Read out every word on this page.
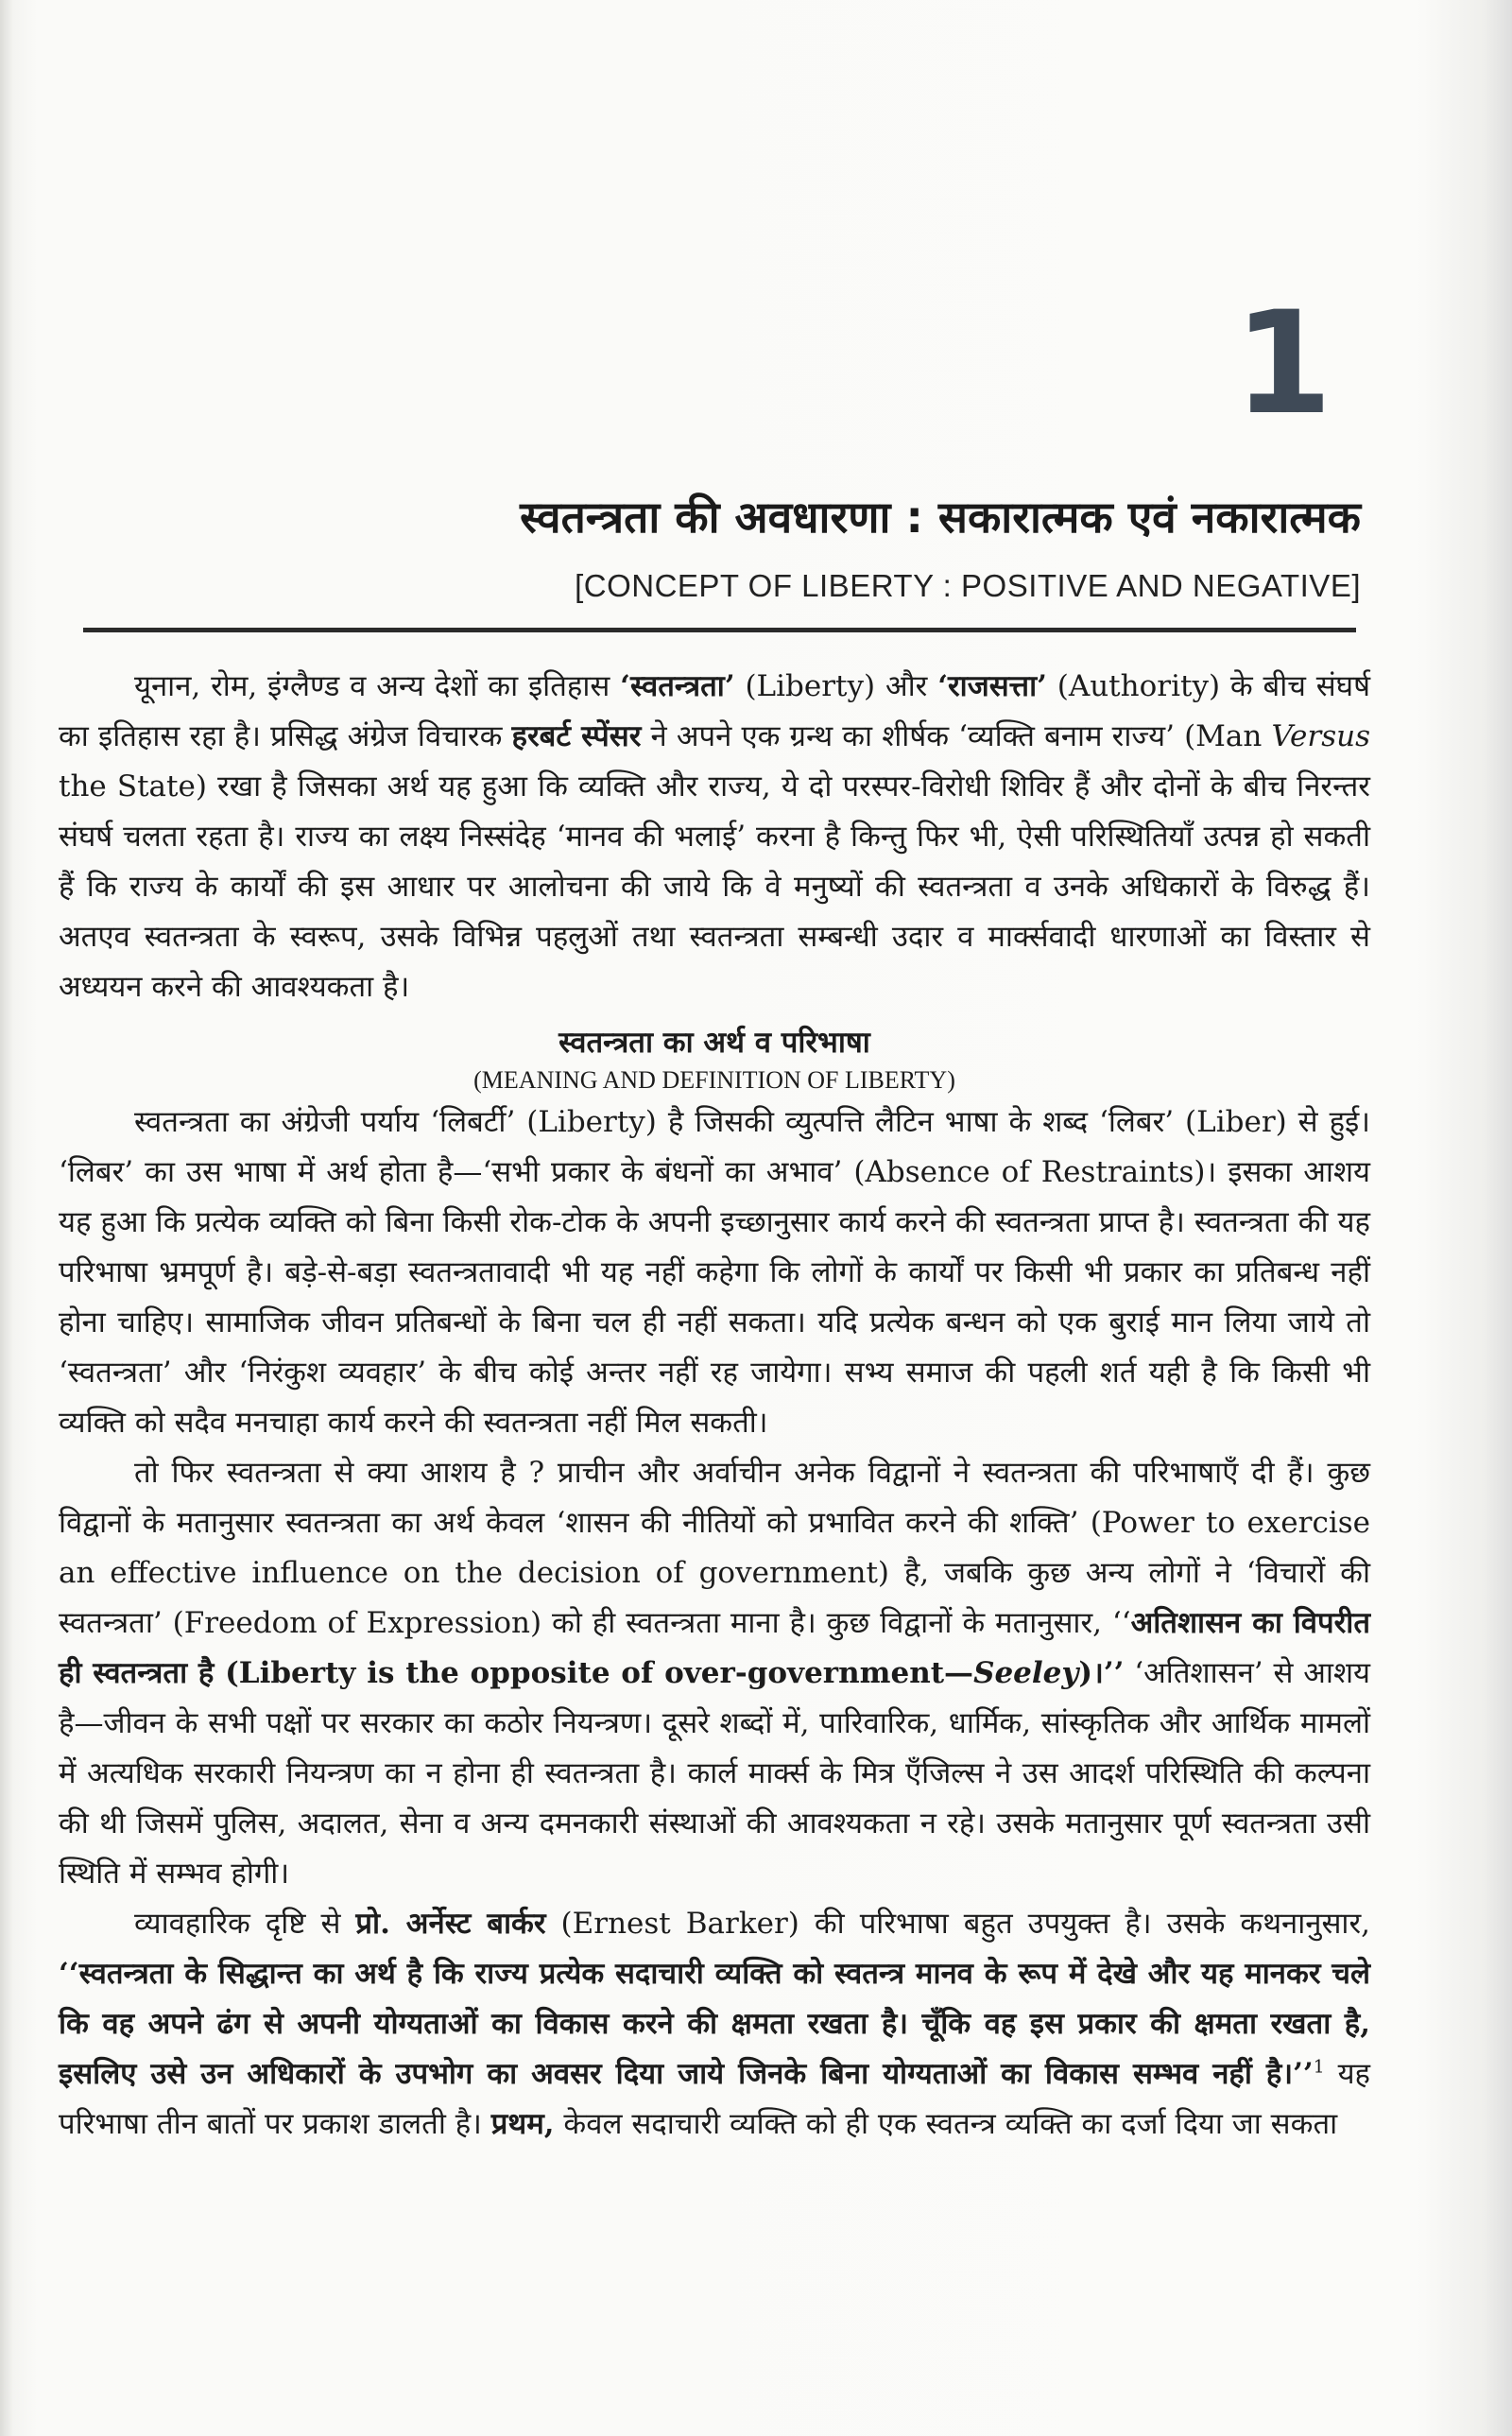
1
स्वतन्त्रता की अवधारणा : सकारात्मक एवं नकारात्मक
[CONCEPT OF LIBERTY : POSITIVE AND NEGATIVE]

यूनान, रोम, इंग्लैण्ड व अन्य देशों का इतिहास ‘स्वतन्त्रता’ (Liberty) और ‘राजसत्ता’ (Authority) के बीच संघर्ष का इतिहास रहा है। प्रसिद्ध अंग्रेज विचारक हरबर्ट स्पेंसर ने अपने एक ग्रन्थ का शीर्षक ‘व्यक्ति बनाम राज्य’ (Man Versus the State) रखा है जिसका अर्थ यह हुआ कि व्यक्ति और राज्य, ये दो परस्पर-विरोधी शिविर हैं और दोनों के बीच निरन्तर संघर्ष चलता रहता है। राज्य का लक्ष्य निस्संदेह ‘मानव की भलाई’ करना है किन्तु फिर भी, ऐसी परिस्थितियाँ उत्पन्न हो सकती हैं कि राज्य के कार्यों की इस आधार पर आलोचना की जाये कि वे मनुष्यों की स्वतन्त्रता व उनके अधिकारों के विरुद्ध हैं। अतएव स्वतन्त्रता के स्वरूप, उसके विभिन्न पहलुओं तथा स्वतन्त्रता सम्बन्धी उदार व मार्क्सवादी धारणाओं का विस्तार से अध्ययन करने की आवश्यकता है।

स्वतन्त्रता का अर्थ व परिभाषा
(MEANING AND DEFINITION OF LIBERTY)

स्वतन्त्रता का अंग्रेजी पर्याय ‘लिबर्टी’ (Liberty) है जिसकी व्युत्पत्ति लैटिन भाषा के शब्द ‘लिबर’ (Liber) से हुई। ‘लिबर’ का उस भाषा में अर्थ होता है—‘सभी प्रकार के बंधनों का अभाव’ (Absence of Restraints)। इसका आशय यह हुआ कि प्रत्येक व्यक्ति को बिना किसी रोक-टोक के अपनी इच्छानुसार कार्य करने की स्वतन्त्रता प्राप्त है। स्वतन्त्रता की यह परिभाषा भ्रमपूर्ण है। बड़े-से-बड़ा स्वतन्त्रतावादी भी यह नहीं कहेगा कि लोगों के कार्यों पर किसी भी प्रकार का प्रतिबन्ध नहीं होना चाहिए। सामाजिक जीवन प्रतिबन्धों के बिना चल ही नहीं सकता। यदि प्रत्येक बन्धन को एक बुराई मान लिया जाये तो ‘स्वतन्त्रता’ और ‘निरंकुश व्यवहार’ के बीच कोई अन्तर नहीं रह जायेगा। सभ्य समाज की पहली शर्त यही है कि किसी भी व्यक्ति को सदैव मनचाहा कार्य करने की स्वतन्त्रता नहीं मिल सकती।

तो फिर स्वतन्त्रता से क्या आशय है ? प्राचीन और अर्वाचीन अनेक विद्वानों ने स्वतन्त्रता की परिभाषाएँ दी हैं। कुछ विद्वानों के मतानुसार स्वतन्त्रता का अर्थ केवल ‘शासन की नीतियों को प्रभावित करने की शक्ति’ (Power to exercise an effective influence on the decision of government) है, जबकि कुछ अन्य लोगों ने ‘विचारों की स्वतन्त्रता’ (Freedom of Expression) को ही स्वतन्त्रता माना है। कुछ विद्वानों के मतानुसार, ‘‘अतिशासन का विपरीत ही स्वतन्त्रता है (Liberty is the opposite of over-government—Seeley)।’’ ‘अतिशासन’ से आशय है—जीवन के सभी पक्षों पर सरकार का कठोर नियन्त्रण। दूसरे शब्दों में, पारिवारिक, धार्मिक, सांस्कृतिक और आर्थिक मामलों में अत्यधिक सरकारी नियन्त्रण का न होना ही स्वतन्त्रता है। कार्ल मार्क्स के मित्र एँजिल्स ने उस आदर्श परिस्थिति की कल्पना की थी जिसमें पुलिस, अदालत, सेना व अन्य दमनकारी संस्थाओं की आवश्यकता न रहे। उसके मतानुसार पूर्ण स्वतन्त्रता उसी स्थिति में सम्भव होगी।

व्यावहारिक दृष्टि से प्रो. अर्नेस्ट बार्कर (Ernest Barker) की परिभाषा बहुत उपयुक्त है। उसके कथनानुसार, ‘‘स्वतन्त्रता के सिद्धान्त का अर्थ है कि राज्य प्रत्येक सदाचारी व्यक्ति को स्वतन्त्र मानव के रूप में देखे और यह मानकर चले कि वह अपने ढंग से अपनी योग्यताओं का विकास करने की क्षमता रखता है। चूँकि वह इस प्रकार की क्षमता रखता है, इसलिए उसे उन अधिकारों के उपभोग का अवसर दिया जाये जिनके बिना योग्यताओं का विकास सम्भव नहीं है।’’$^1$ यह परिभाषा तीन बातों पर प्रकाश डालती है। प्रथम, केवल सदाचारी व्यक्ति को ही एक स्वतन्त्र व्यक्ति का दर्जा दिया जा सकता
